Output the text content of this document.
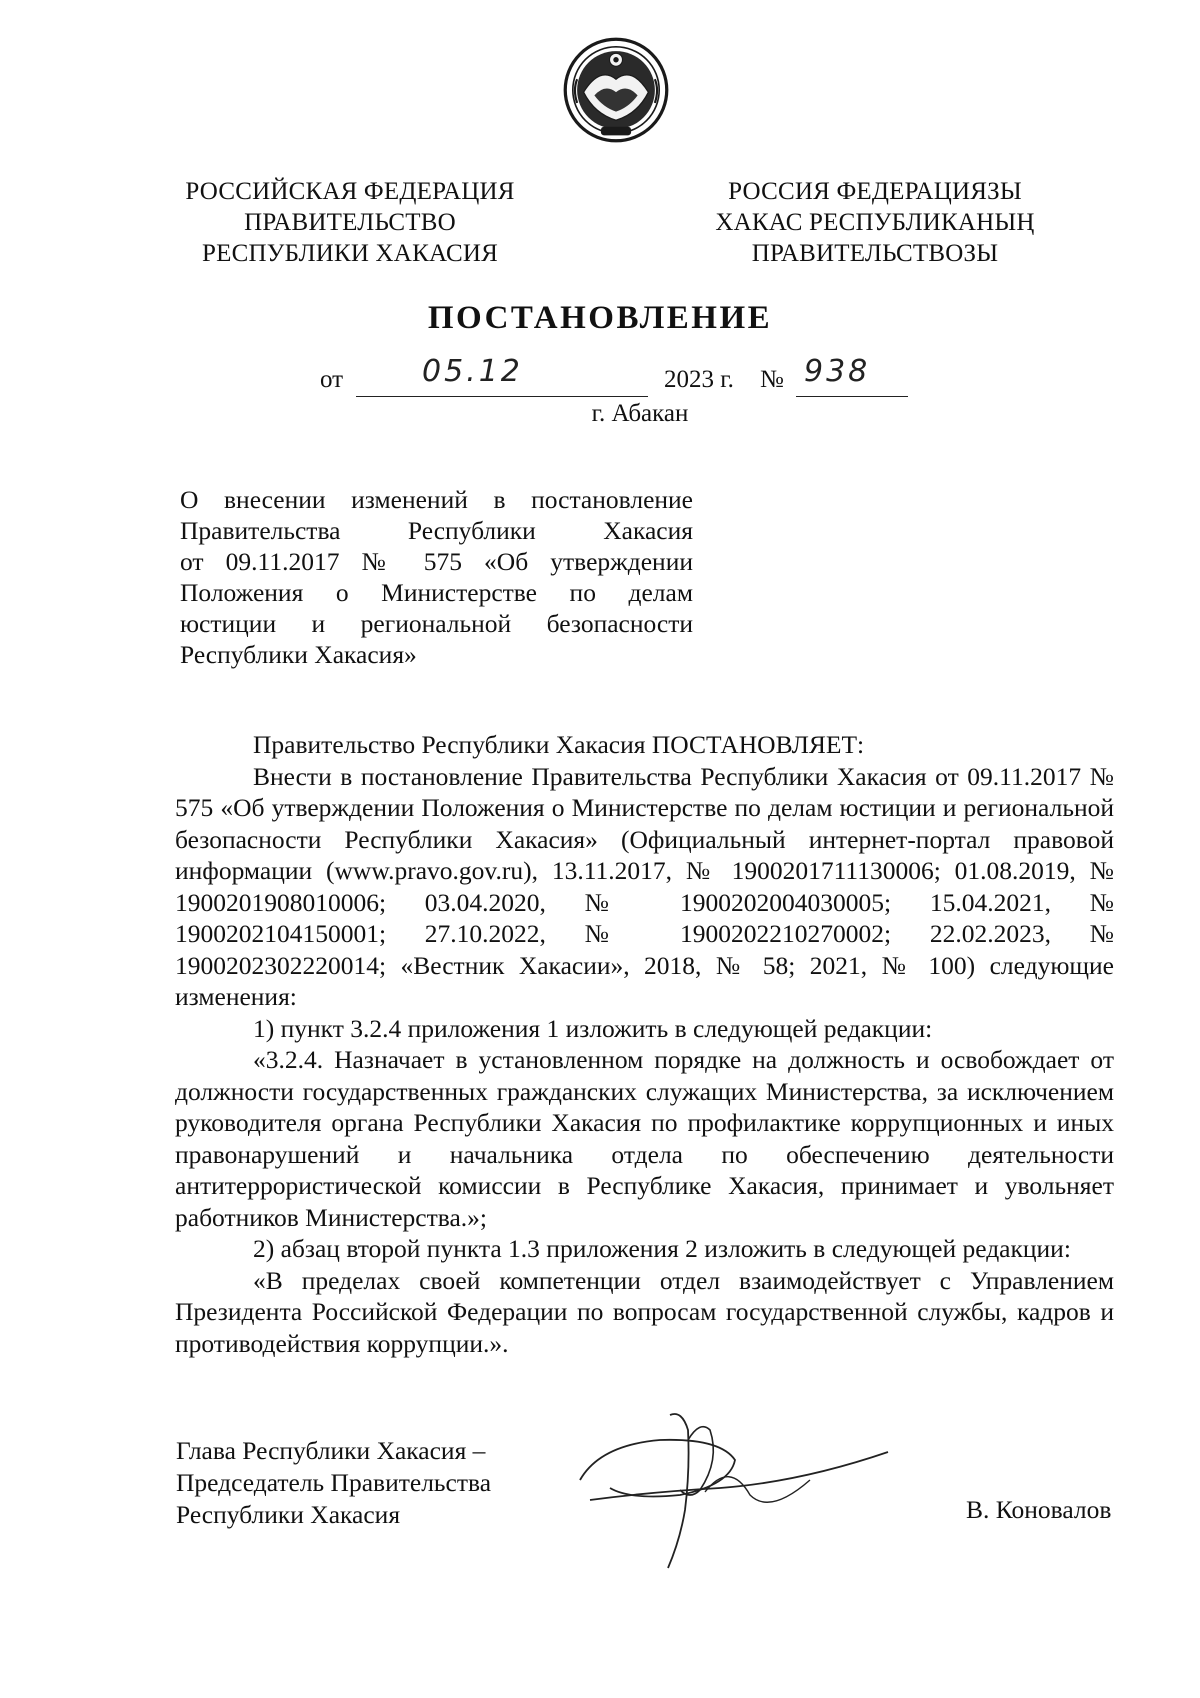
РОССИЙСКАЯ ФЕДЕРАЦИЯ
ПРАВИТЕЛЬСТВО
РЕСПУБЛИКИ ХАКАСИЯ
РОССИЯ ФЕДЕРАЦИЯЗЫ
ХАКАС РЕСПУБЛИКАНЫҢ
ПРАВИТЕЛЬСТВОЗЫ
ПОСТАНОВЛЕНИЕ
от	05.12	2023 г. № 938
г. Абакан
О внесении изменений в постановление
Правительства Республики Хакасия
от 09.11.2017 № 575 «Об утверждении
Положения о Министерстве по делам
юстиции и региональной безопасности
Республики Хакасия»

Правительство Республики Хакасия ПОСТАНОВЛЯЕТ:

Внести в постановление Правительства Республики Хакасия от 09.11.2017 № 575 «Об утверждении Положения о Министерстве по делам юстиции и региональной безопасности Республики Хакасия» (Официальный интернет-портал правовой информации (www.pravo.gov.ru), 13.11.2017, № 1900201711130006; 01.08.2019, № 1900201908010006; 03.04.2020, № 1900202004030005; 15.04.2021, № 1900202104150001; 27.10.2022, № 1900202210270002; 22.02.2023, № 1900202302220014; «Вестник Хакасии», 2018, № 58; 2021, № 100) следующие изменения:

1) пункт 3.2.4 приложения 1 изложить в следующей редакции:

«3.2.4. Назначает в установленном порядке на должность и освобождает от должности государственных гражданских служащих Министерства, за исключением руководителя органа Республики Хакасия по профилактике коррупционных и иных правонарушений и начальника отдела по обеспечению деятельности антитеррористической комиссии в Республике Хакасия, принимает и увольняет работников Министерства.»;

2) абзац второй пункта 1.3 приложения 2 изложить в следующей редакции:

«В пределах своей компетенции отдел взаимодействует с Управлением Президента Российской Федерации по вопросам государственной службы, кадров и противодействия коррупции.».

Глава Республики Хакасия –
Председатель Правительства
Республики Хакасия	В. Коновалов
